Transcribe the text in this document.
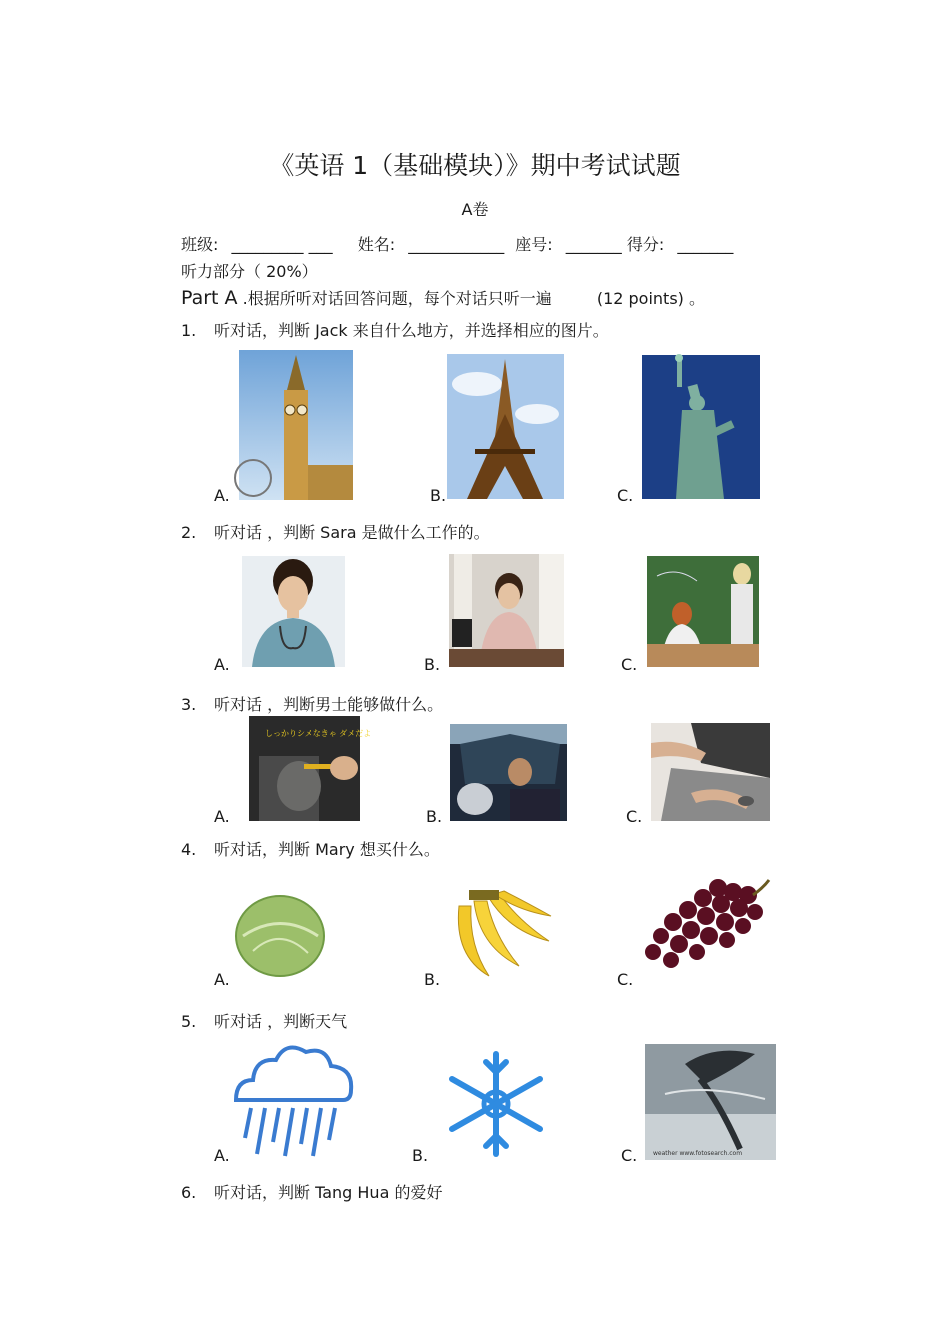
《英语 1（基础模块）》期中考试试题
A卷
班级: _________ ___ 姓名: ____________ 座号: _______ 得分: _______
听力部分（ 20%）
Part A .根据所听对话回答问题，每个对话只听一遍	(12 points) 。
1. 听对话，判断 Jack 来自什么地方，并选择相应的图片。
A.	B.	C.
2. 听对话 ，判断 Sara 是做什么工作的。
A.	B.	C.
3. 听对话 ，判断男士能够做什么。
しっかりシメなきゃ ダメだよ
A.	B.	C.
4. 听对话，判断 Mary 想买什么。
A.	B.	C.
5. 听对话 ，判断天气
A.	B.	weather www.fotosearch.com
C.
6. 听对话，判断 Tang Hua 的爱好
